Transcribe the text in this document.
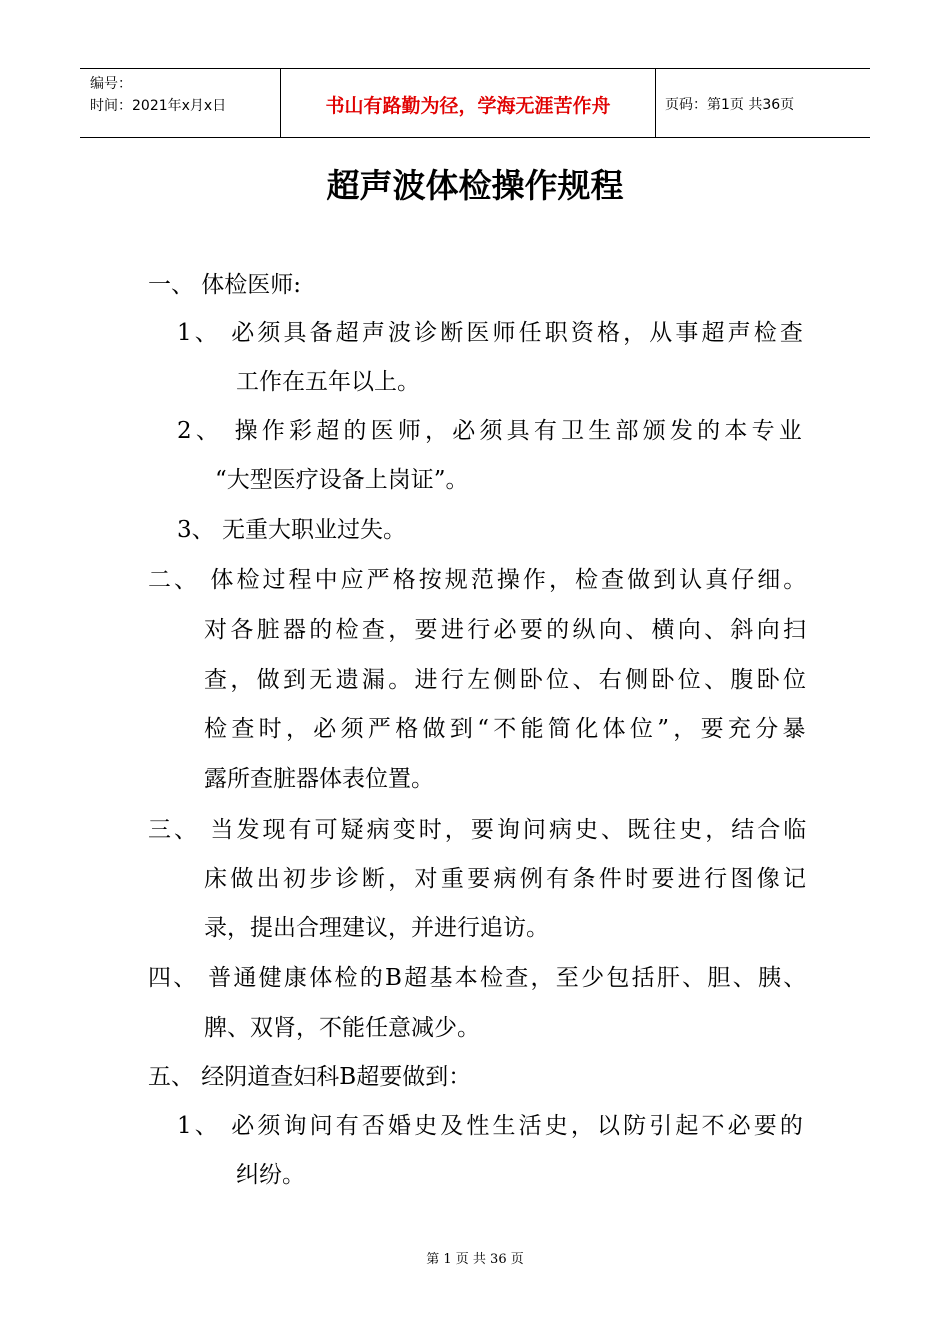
编号：
时间：2021年x月x日	书山有路勤为径，学海无涯苦作舟	页码：第1页 共36页
超声波体检操作规程
一、 体检医师:
1、 必须具备超声波诊断医师任职资格，从事超声检查
工作在五年以上。
2、 操作彩超的医师，必须具有卫生部颁发的本专业
“大型医疗设备上岗证”。
3、 无重大职业过失。
二、 体检过程中应严格按规范操作，检查做到认真仔细。
对各脏器的检查，要进行必要的纵向、横向、斜向扫
查，做到无遗漏。进行左侧卧位、右侧卧位、腹卧位
检查时，必须严格做到“不能简化体位”，要充分暴
露所查脏器体表位置。
三、 当发现有可疑病变时，要询问病史、既往史，结合临
床做出初步诊断，对重要病例有条件时要进行图像记
录，提出合理建议，并进行追访。
四、 普通健康体检的B超基本检查，至少包括肝、胆、胰、
脾、双肾，不能任意减少。
五、 经阴道查妇科B超要做到：
1、 必须询问有否婚史及性生活史，以防引起不必要的
纠纷。
第 1 页 共 36 页
